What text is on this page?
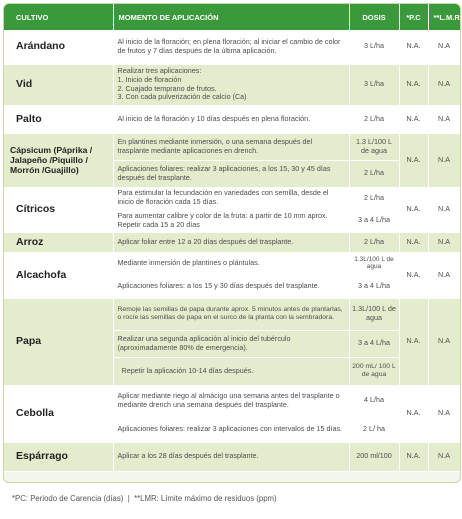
CULTIVO	MOMENTO DE APLICACIÓN	DOSIS	*P.C	**L.M.R
Arándano	Al inicio de la floración; en plena floración; al iniciar el cambio de color de frutos y 7 días después de la última aplicación.	3 L/ha	N.A.	N.A
Vid	Realizar tres aplicaciones:
1. Inicio de floración
2. Cuajado temprano de frutos.
3. Con cada pulverización de calcio (Ca)	3 L/ha	N.A.	N.A
Palto	Al inicio de la floración y 10 días después en plena floración.	2 L/ha	N.A.	N.A
Cápsicum (Páprika / Jalapeño /Piquillo / Morrón /Guajillo)	En plantines mediante inmersión, o una semana después del trasplante mediante aplicaciones en drench.	1.3 L/100 L de agua	N.A.	N.A
	Aplicaciones foliares: realizar 3 aplicaciones, a los 15, 30 y 45 días después del trasplante.	2 L/ha		
Cítricos	Para estimular la fecundación en variedades con semilla, desde el inicio de floración cada 15 días.	2 L/ha	N.A.	N.A
	Para aumentar calibre y color de la fruta: a partir de 10 mm aprox. Repetir cada 15 a 20 días	3 a 4 L/ha		
Arroz	Aplicar foliar entre 12 a 20 días después del trasplante.	2 L/ha	N.A.	N.A
Alcachofa	Mediante inmersión de plantines o plántulas.	1.3L/100 L de agua	N.A.	N.A
	Aplicaciones foliares: a los 15 y 30 días después del trasplante.	3 a 4 L/ha		
Papa	Remoje las semillas de papa durante aprox. 5 minutos antes de plantarlas, o rocíe las semillas de papa en el surco de la planta con la sembradora.	1.3L/100 L de agua	N.A.	N.A
	Realizar una segunda aplicación al inicio del tubérculo (aproximadamente 80% de emergencia).	3 a 4 L/ha		
	Repetir la aplicación 10-14 días después.	200 mL/ 100 L de agua		
Cebolla	Aplicar mediante riego al almácigo una semana antes del trasplante o mediante drench una semana después del trasplante.	4 L/ha	N.A.	N.A
	Aplicaciones foliares: realizar 3 aplicaciones con intervalos de 15 días.	2 L/ ha		
Espárrago	Aplicar a los 28 días después del trasplante.	200 ml/100	N.A.	N.A
*PC: Periodo de Carencia (días)  |  **LMR: Límite máximo de residuos (ppm)
